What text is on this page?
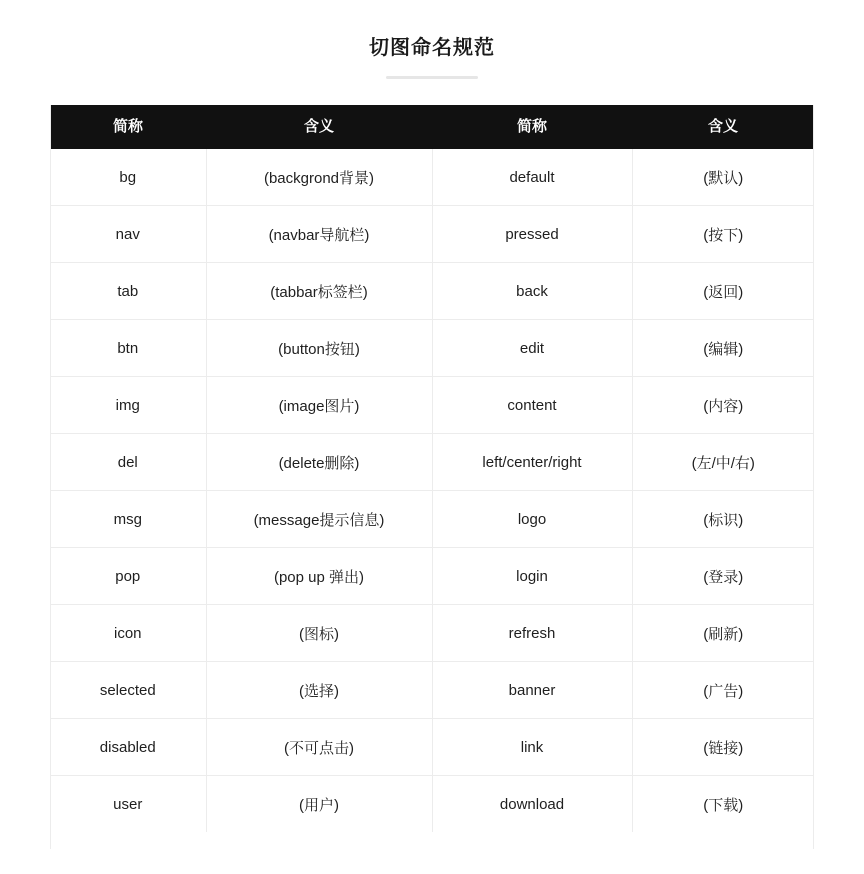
切图命名规范
简称	含义	简称	含义
bg	(backgrond背景)	default	(默认)
nav	(navbar导航栏)	pressed	(按下)
tab	(tabbar标签栏)	back	(返回)
btn	(button按钮)	edit	(编辑)
img	(image图片)	content	(内容)
del	(delete删除)	left/center/right	(左/中/右)
msg	(message提示信息)	logo	(标识)
pop	(pop up 弹出)	login	(登录)
icon	(图标)	refresh	(刷新)
selected	(选择)	banner	(广告)
disabled	(不可点击)	link	(链接)
user	(用户)	download	(下载)
